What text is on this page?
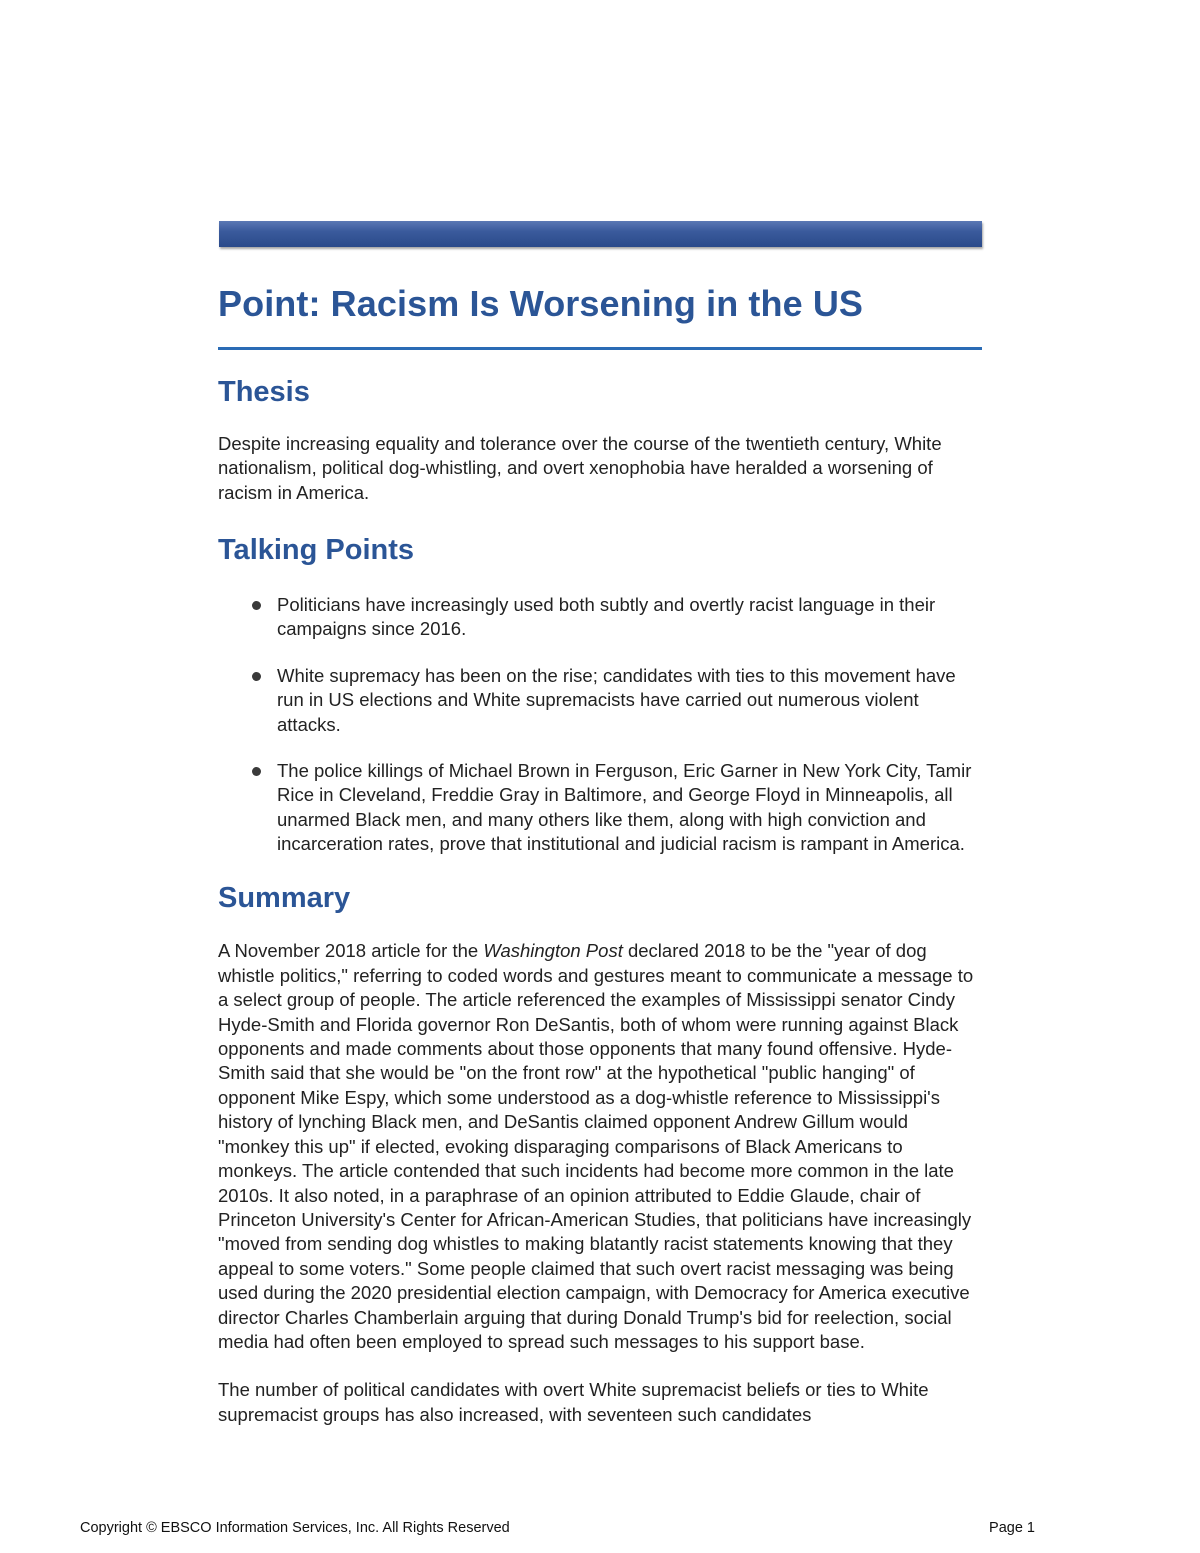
Point: Racism Is Worsening in the US
Thesis

Despite increasing equality and tolerance over the course of the twentieth century, White nationalism, political dog-whistling, and overt xenophobia have heralded a worsening of racism in America.

Talking Points
Politicians have increasingly used both subtly and overtly racist language in their campaigns since 2016.
White supremacy has been on the rise; candidates with ties to this movement have run in US elections and White supremacists have carried out numerous violent attacks.
The police killings of Michael Brown in Ferguson, Eric Garner in New York City, Tamir Rice in Cleveland, Freddie Gray in Baltimore, and George Floyd in Minneapolis, all unarmed Black men, and many others like them, along with high conviction and incarceration rates, prove that institutional and judicial racism is rampant in America.
Summary

A November 2018 article for the Washington Post declared 2018 to be the "year of dog whistle politics," referring to coded words and gestures meant to communicate a message to a select group of people. The article referenced the examples of Mississippi senator Cindy Hyde-Smith and Florida governor Ron DeSantis, both of whom were running against Black opponents and made comments about those opponents that many found offensive. Hyde-Smith said that she would be "on the front row" at the hypothetical "public hanging" of opponent Mike Espy, which some understood as a dog-whistle reference to Mississippi's history of lynching Black men, and DeSantis claimed opponent Andrew Gillum would "monkey this up" if elected, evoking disparaging comparisons of Black Americans to monkeys. The article contended that such incidents had become more common in the late 2010s. It also noted, in a paraphrase of an opinion attributed to Eddie Glaude, chair of Princeton University's Center for African-American Studies, that politicians have increasingly "moved from sending dog whistles to making blatantly racist statements knowing that they appeal to some voters." Some people claimed that such overt racist messaging was being used during the 2020 presidential election campaign, with Democracy for America executive director Charles Chamberlain arguing that during Donald Trump's bid for reelection, social media had often been employed to spread such messages to his support base.

The number of political candidates with overt White supremacist beliefs or ties to White supremacist groups has also increased, with seventeen such candidates

Copyright © EBSCO Information Services, Inc. All Rights Reserved	Page 1
